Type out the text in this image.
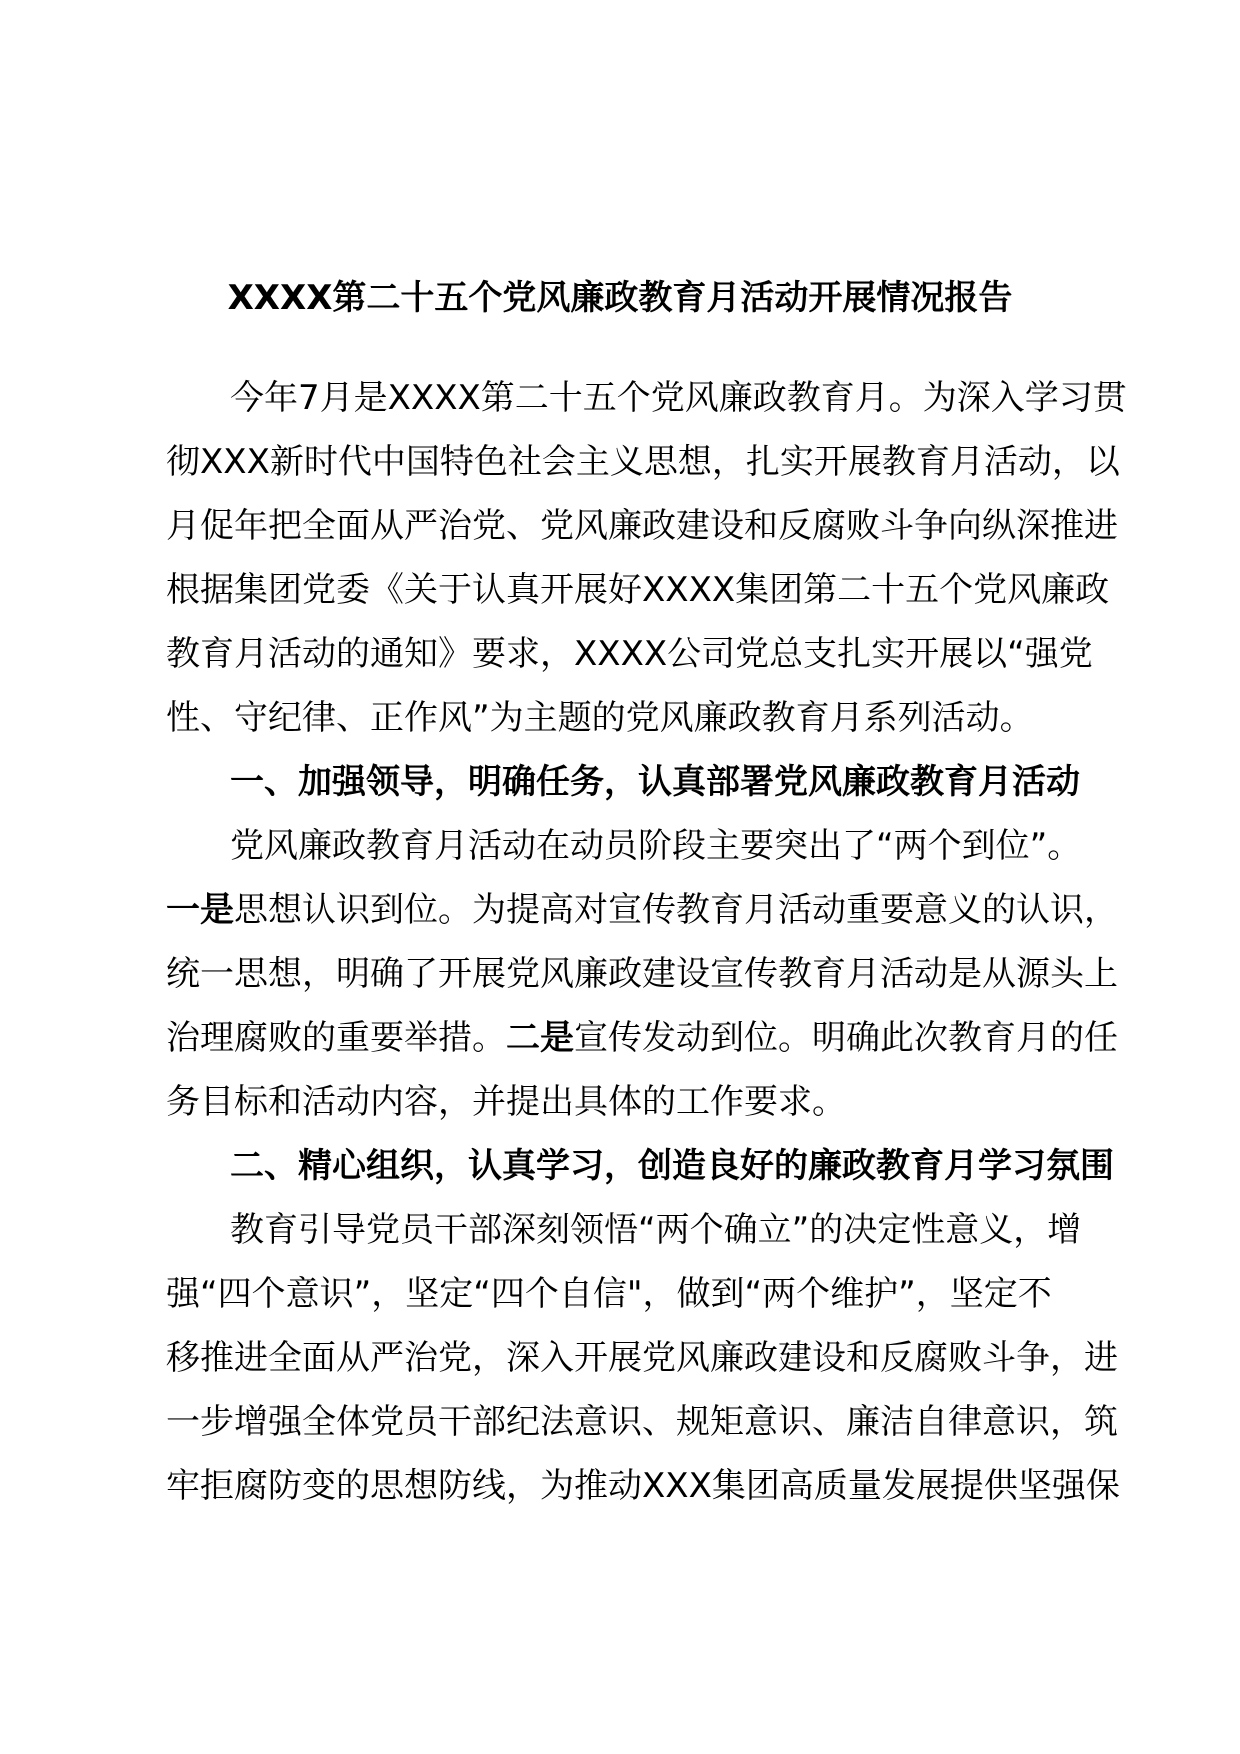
XXXX第二十五个党风廉政教育月活动开展情况报告
今年7月是XXXX第二十五个党风廉政教育月。为深入学习贯
彻XXX新时代中国特色社会主义思想，扎实开展教育月活动，以
月促年把全面从严治党、党风廉政建设和反腐败斗争向纵深推进
根据集团党委《关于认真开展好XXXX集团第二十五个党风廉政
教育月活动的通知》要求，XXXX公司党总支扎实开展以“强党
性、守纪律、正作风”为主题的党风廉政教育月系列活动。
一、加强领导，明确任务，认真部署党风廉政教育月活动
党风廉政教育月活动在动员阶段主要突出了“两个到位”。
一是思想认识到位。为提高对宣传教育月活动重要意义的认识，
统一思想，明确了开展党风廉政建设宣传教育月活动是从源头上
治理腐败的重要举措。二是宣传发动到位。明确此次教育月的任
务目标和活动内容，并提出具体的工作要求。
二、精心组织，认真学习，创造良好的廉政教育月学习氛围
教育引导党员干部深刻领悟“两个确立”的决定性意义，增
强“四个意识”，坚定“四个自信"，做到“两个维护”，坚定不
移推进全面从严治党，深入开展党风廉政建设和反腐败斗争，进
一步增强全体党员干部纪法意识、规矩意识、廉洁自律意识，筑
牢拒腐防变的思想防线，为推动XXX集团高质量发展提供坚强保
